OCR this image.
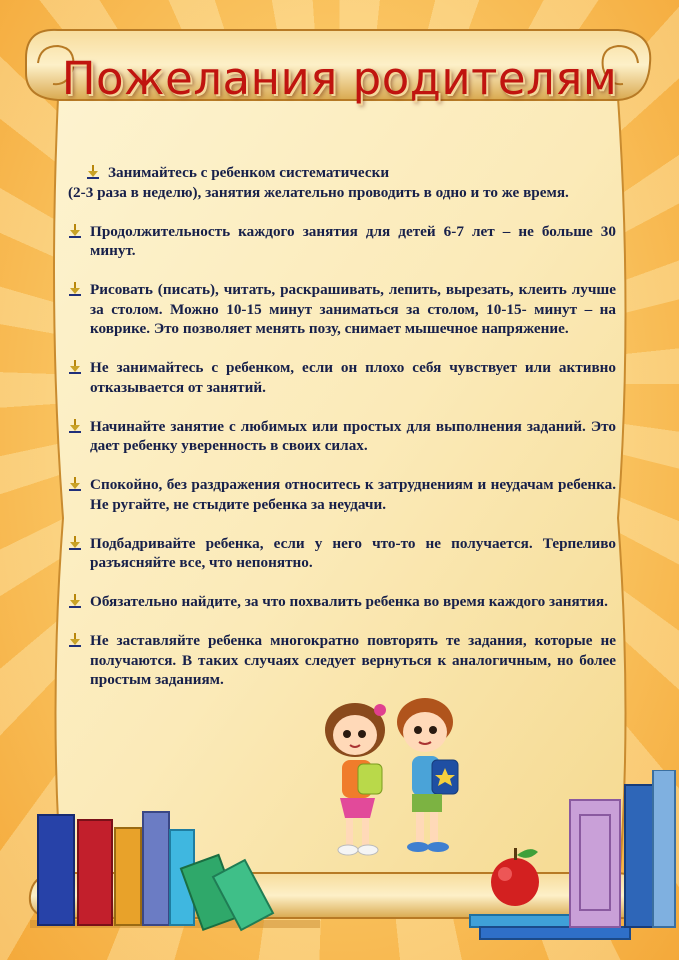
Пожелания родителям
Занимайтесь с ребенком систематически
(2-3 раза в неделю), занятия желательно проводить в одно и то же время.
Продолжительность каждого занятия для детей 6-7 лет – не больше 30 минут.
Рисовать (писать), читать, раскрашивать, лепить, вырезать, клеить лучше за столом. Можно 10-15 минут заниматься за столом, 10-15- минут – на коврике. Это позволяет менять позу, снимает мышечное напряжение.
Не занимайтесь с ребенком, если он плохо себя чувствует или активно отказывается от занятий.
Начинайте занятие с любимых или простых для выполнения заданий. Это дает ребенку уверенность в своих силах.
Спокойно, без раздражения относитесь к затруднениям и неудачам ребенка. Не ругайте, не стыдите ребенка за неудачи.
Подбадривайте ребенка, если у него что-то не получается. Терпеливо разъясняйте все, что непонятно.
Обязательно найдите, за что похвалить ребенка во время каждого занятия.
Не заставляйте ребенка многократно повторять те задания, которые не получаются. В таких случаях следует вернуться к аналогичным, но более простым заданиям.
